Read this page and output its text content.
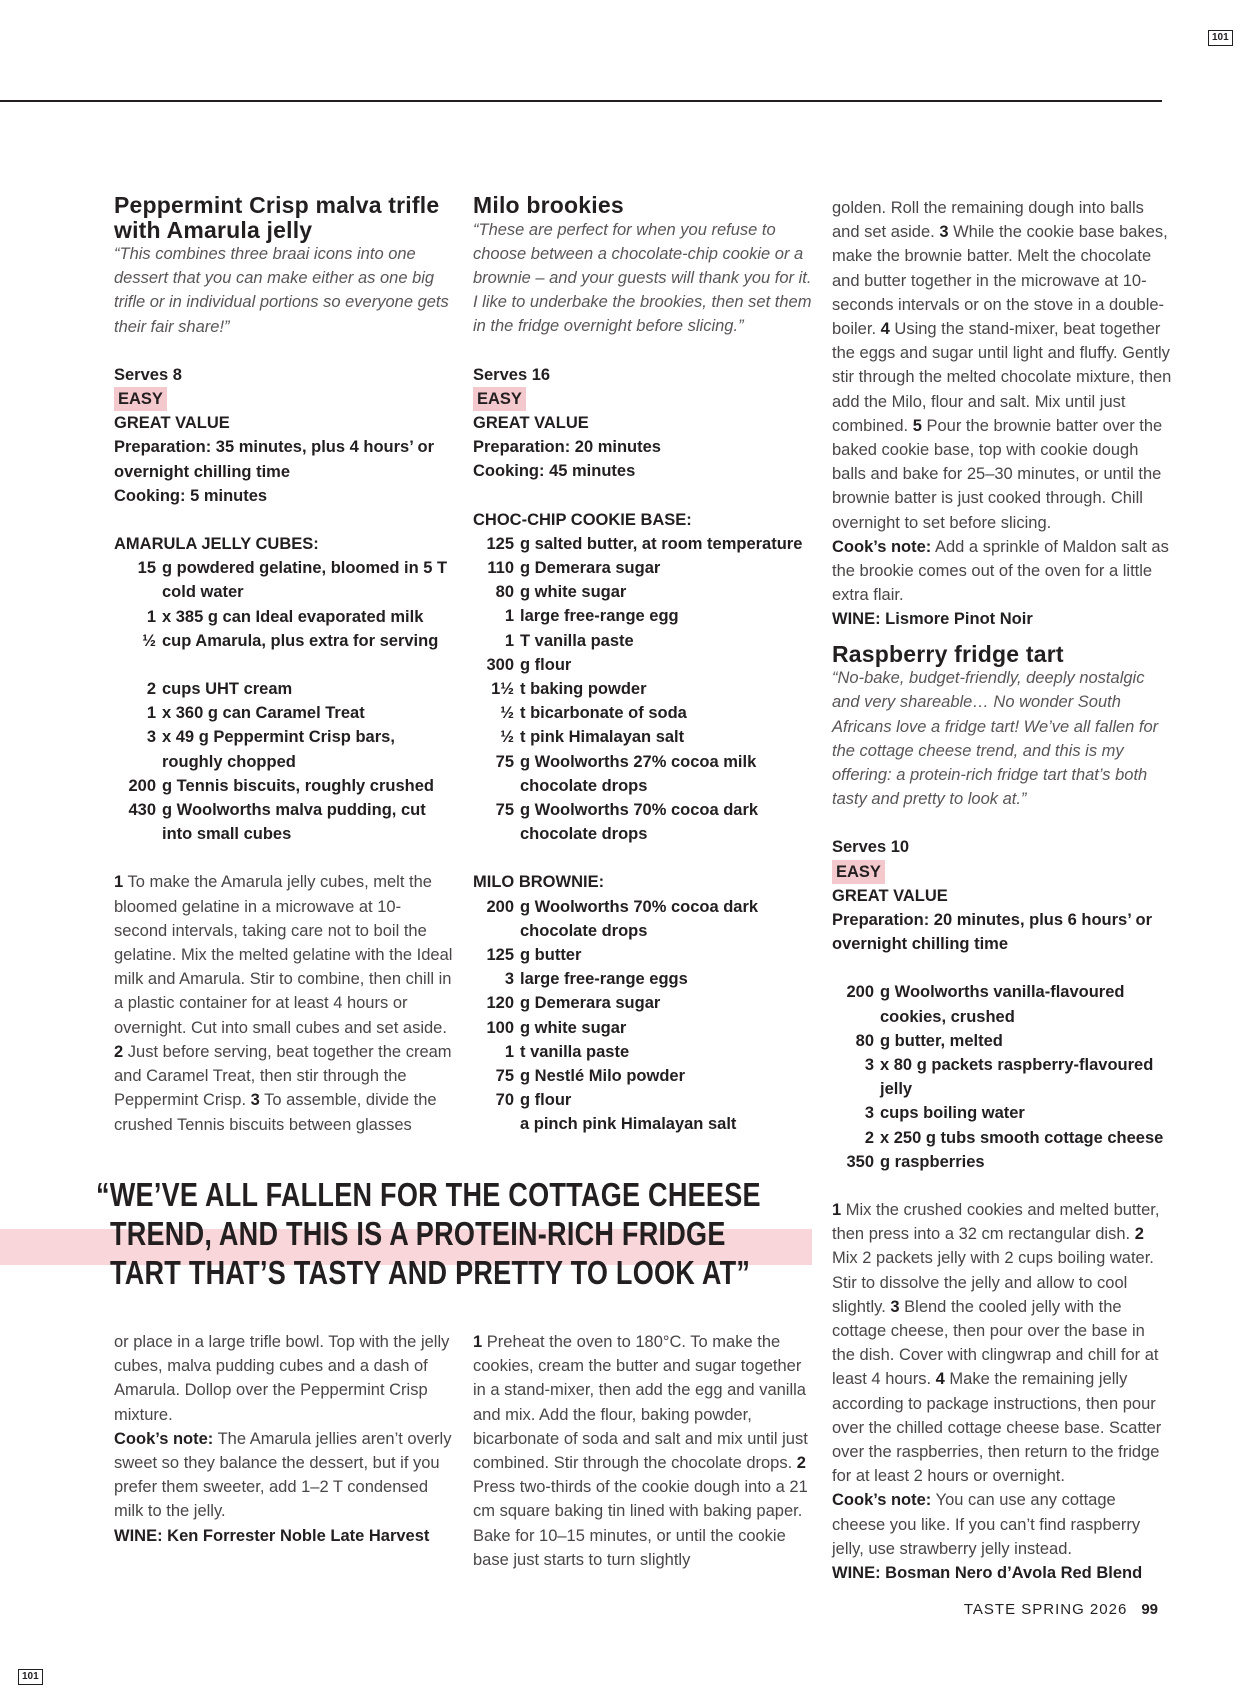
101
101
Peppermint Crisp malva trifle with Amarula jelly

“This combines three braai icons into one dessert that you can make either as one big trifle or in individual portions so everyone gets their fair share!”

Serves 8
EASY
GREAT VALUE
Preparation: 35 minutes, plus 4 hours’ or overnight chilling time
Cooking: 5 minutes
AMARULA JELLY CUBES:
15 g powdered gelatine, bloomed in 5 T cold water
1 x 385 g can Ideal evaporated milk
½ cup Amarula, plus extra for serving
2 cups UHT cream
1 x 360 g can Caramel Treat
3 x 49 g Peppermint Crisp bars, roughly chopped
200 g Tennis biscuits, roughly crushed
430 g Woolworths malva pudding, cut into small cubes

1 To make the Amarula jelly cubes, melt the bloomed gelatine in a microwave at 10-second intervals, taking care not to boil the gelatine. Mix the melted gelatine with the Ideal milk and Amarula. Stir to combine, then chill in a plastic container for at least 4 hours or overnight. Cut into small cubes and set aside. 2 Just before serving, beat together the cream and Caramel Treat, then stir through the Peppermint Crisp. 3 To assemble, divide the crushed Tennis biscuits between glasses

Milo brookies

“These are perfect for when you refuse to choose between a chocolate-chip cookie or a brownie – and your guests will thank you for it. I like to underbake the brookies, then set them in the fridge overnight before slicing.”

Serves 16
EASY
GREAT VALUE
Preparation: 20 minutes
Cooking: 45 minutes
CHOC-CHIP COOKIE BASE:
125 g salted butter, at room temperature
110 g Demerara sugar
80 g white sugar
1 large free-range egg
1 T vanilla paste
300 g flour
1½ t baking powder
½ t bicarbonate of soda
½ t pink Himalayan salt
75 g Woolworths 27% cocoa milk chocolate drops
75 g Woolworths 70% cocoa dark chocolate drops
MILO BROWNIE:
200 g Woolworths 70% cocoa dark chocolate drops
125 g butter
3 large free-range eggs
120 g Demerara sugar
100 g white sugar
1 t vanilla paste
75 g Nestlé Milo powder
70 g flour
a pinch pink Himalayan salt

golden. Roll the remaining dough into balls and set aside. 3 While the cookie base bakes, make the brownie batter. Melt the chocolate and butter together in the microwave at 10-seconds intervals or on the stove in a double-boiler. 4 Using the stand-mixer, beat together the eggs and sugar until light and fluffy. Gently stir through the melted chocolate mixture, then add the Milo, flour and salt. Mix until just combined. 5 Pour the brownie batter over the baked cookie base, top with cookie dough balls and bake for 25–30 minutes, or until the brownie batter is just cooked through. Chill overnight to set before slicing.

Cook’s note: Add a sprinkle of Maldon salt as the brookie comes out of the oven for a little extra flair.

WINE: Lismore Pinot Noir
Raspberry fridge tart

“No-bake, budget-friendly, deeply nostalgic and very shareable… No wonder South Africans love a fridge tart! We’ve all fallen for the cottage cheese trend, and this is my offering: a protein-rich fridge tart that’s both tasty and pretty to look at.”

Serves 10
EASY
GREAT VALUE
Preparation: 20 minutes, plus 6 hours’ or overnight chilling time
200 g Woolworths vanilla-flavoured cookies, crushed
80 g butter, melted
3 x 80 g packets raspberry-flavoured jelly
3 cups boiling water
2 x 250 g tubs smooth cottage cheese
350 g raspberries

1 Mix the crushed cookies and melted butter, then press into a 32 cm rectangular dish. 2 Mix 2 packets jelly with 2 cups boiling water. Stir to dissolve the jelly and allow to cool slightly. 3 Blend the cooled jelly with the cottage cheese, then pour over the base in the dish. Cover with clingwrap and chill for at least 4 hours. 4 Make the remaining jelly according to package instructions, then pour over the chilled cottage cheese base. Scatter over the raspberries, then return to the fridge for at least 2 hours or overnight.

Cook’s note: You can use any cottage cheese you like. If you can’t find raspberry jelly, use strawberry jelly instead.

WINE: Bosman Nero d’Avola Red Blend
“WE’VE ALL FALLEN FOR THE COTTAGE CHEESE
TREND, AND THIS IS A PROTEIN-RICH FRIDGE
TART THAT’S TASTY AND PRETTY TO LOOK AT”

or place in a large trifle bowl. Top with the jelly cubes, malva pudding cubes and a dash of Amarula. Dollop over the Peppermint Crisp mixture.

Cook’s note: The Amarula jellies aren’t overly sweet so they balance the dessert, but if you prefer them sweeter, add 1–2 T condensed milk to the jelly.

WINE: Ken Forrester Noble Late Harvest

1 Preheat the oven to 180°C. To make the cookies, cream the butter and sugar together in a stand-mixer, then add the egg and vanilla and mix. Add the flour, baking powder, bicarbonate of soda and salt and mix until just combined. Stir through the chocolate drops. 2 Press two-thirds of the cookie dough into a 21 cm square baking tin lined with baking paper. Bake for 10–15 minutes, or until the cookie base just starts to turn slightly

TASTE SPRING 2026 99
